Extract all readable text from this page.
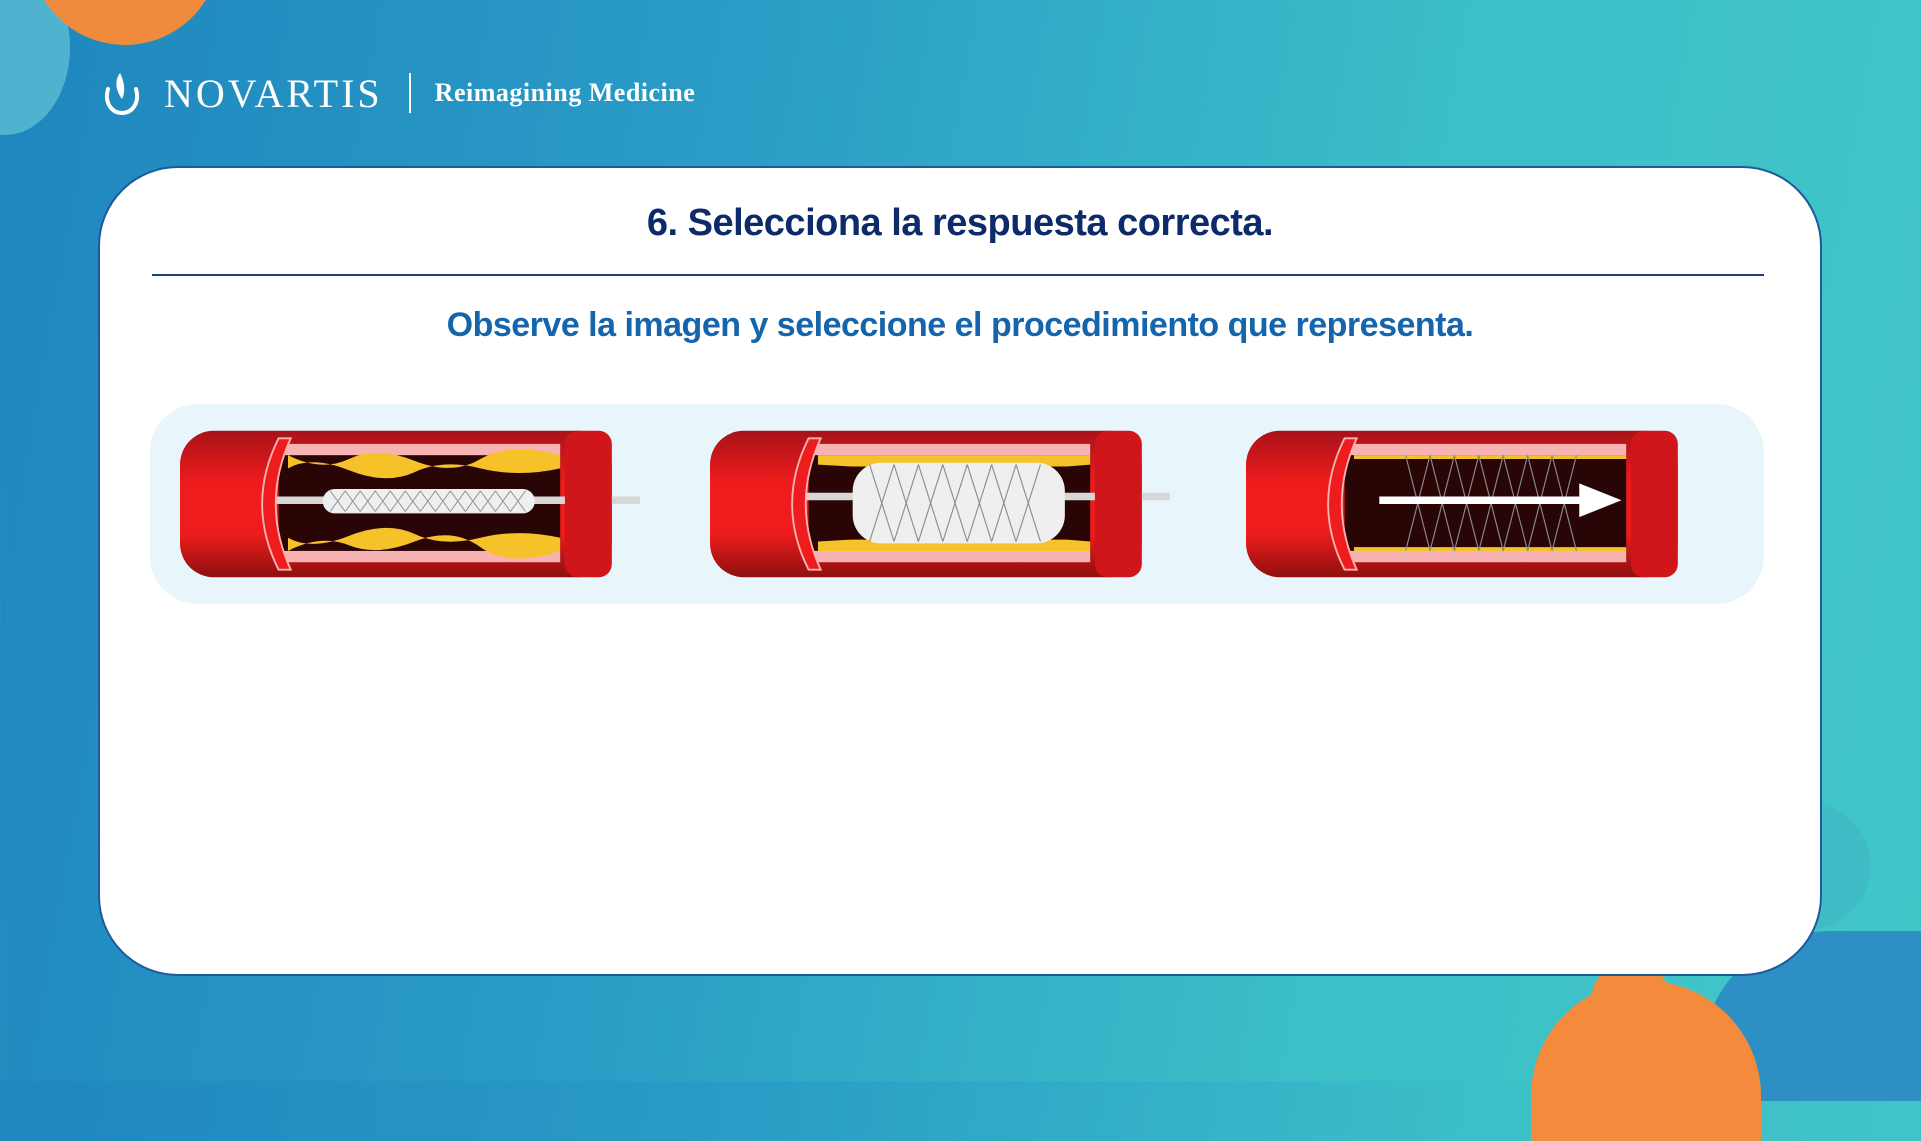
NOVARTIS Reimagining Medicine
6. Selecciona la respuesta correcta.
Observe la imagen y seleccione el procedimiento que representa.
